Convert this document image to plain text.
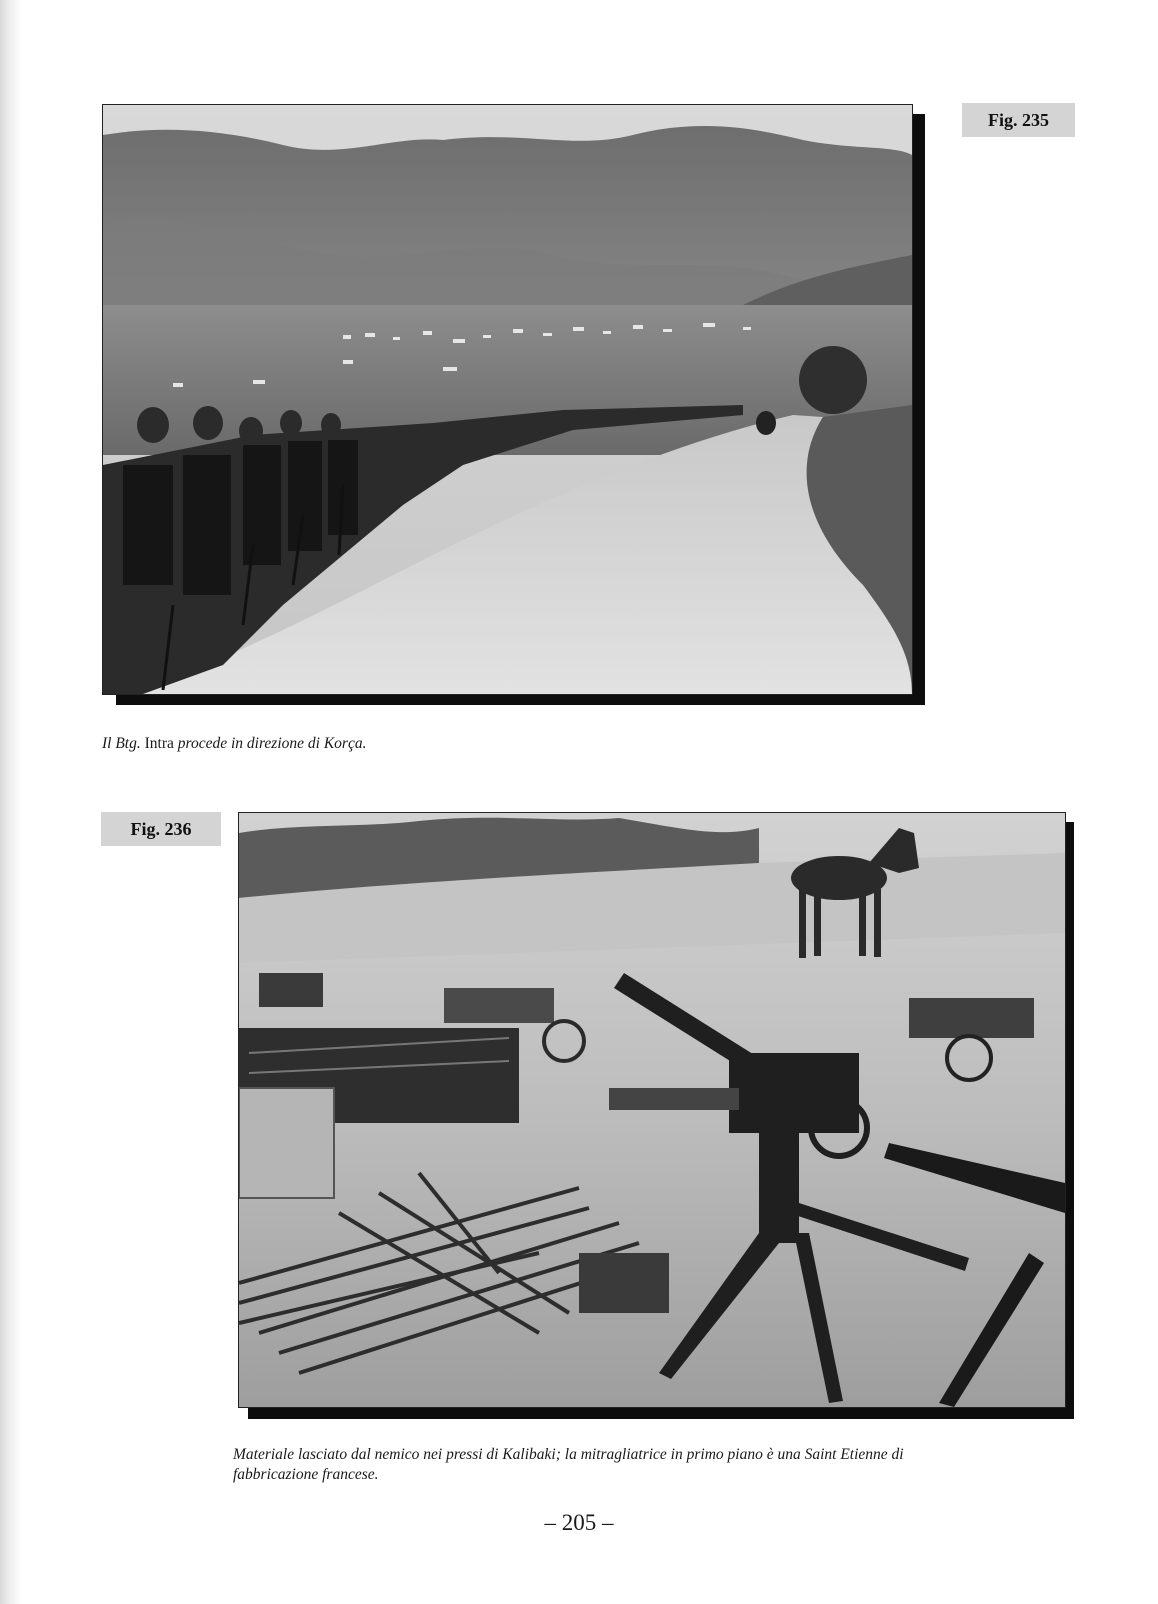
Fig. 235
Il Btg. Intra procede in direzione di Korça.
Fig. 236
Materiale lasciato dal nemico nei pressi di Kalibaki; la mitragliatrice in primo piano è una Saint Etienne di
fabbricazione francese.
– 205 –
